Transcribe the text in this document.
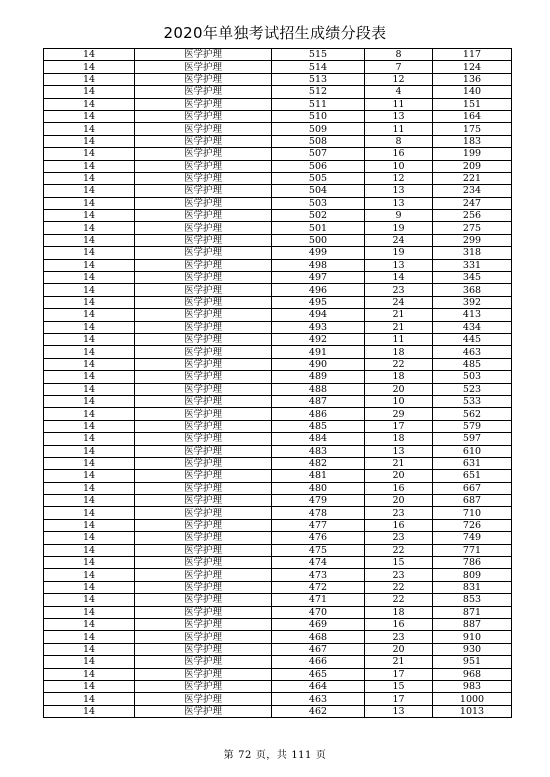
2020年单独考试招生成绩分段表
14	医学护理	515	8	117
14	医学护理	514	7	124
14	医学护理	513	12	136
14	医学护理	512	4	140
14	医学护理	511	11	151
14	医学护理	510	13	164
14	医学护理	509	11	175
14	医学护理	508	8	183
14	医学护理	507	16	199
14	医学护理	506	10	209
14	医学护理	505	12	221
14	医学护理	504	13	234
14	医学护理	503	13	247
14	医学护理	502	9	256
14	医学护理	501	19	275
14	医学护理	500	24	299
14	医学护理	499	19	318
14	医学护理	498	13	331
14	医学护理	497	14	345
14	医学护理	496	23	368
14	医学护理	495	24	392
14	医学护理	494	21	413
14	医学护理	493	21	434
14	医学护理	492	11	445
14	医学护理	491	18	463
14	医学护理	490	22	485
14	医学护理	489	18	503
14	医学护理	488	20	523
14	医学护理	487	10	533
14	医学护理	486	29	562
14	医学护理	485	17	579
14	医学护理	484	18	597
14	医学护理	483	13	610
14	医学护理	482	21	631
14	医学护理	481	20	651
14	医学护理	480	16	667
14	医学护理	479	20	687
14	医学护理	478	23	710
14	医学护理	477	16	726
14	医学护理	476	23	749
14	医学护理	475	22	771
14	医学护理	474	15	786
14	医学护理	473	23	809
14	医学护理	472	22	831
14	医学护理	471	22	853
14	医学护理	470	18	871
14	医学护理	469	16	887
14	医学护理	468	23	910
14	医学护理	467	20	930
14	医学护理	466	21	951
14	医学护理	465	17	968
14	医学护理	464	15	983
14	医学护理	463	17	1000
14	医学护理	462	13	1013
第 72 页，共 111 页
